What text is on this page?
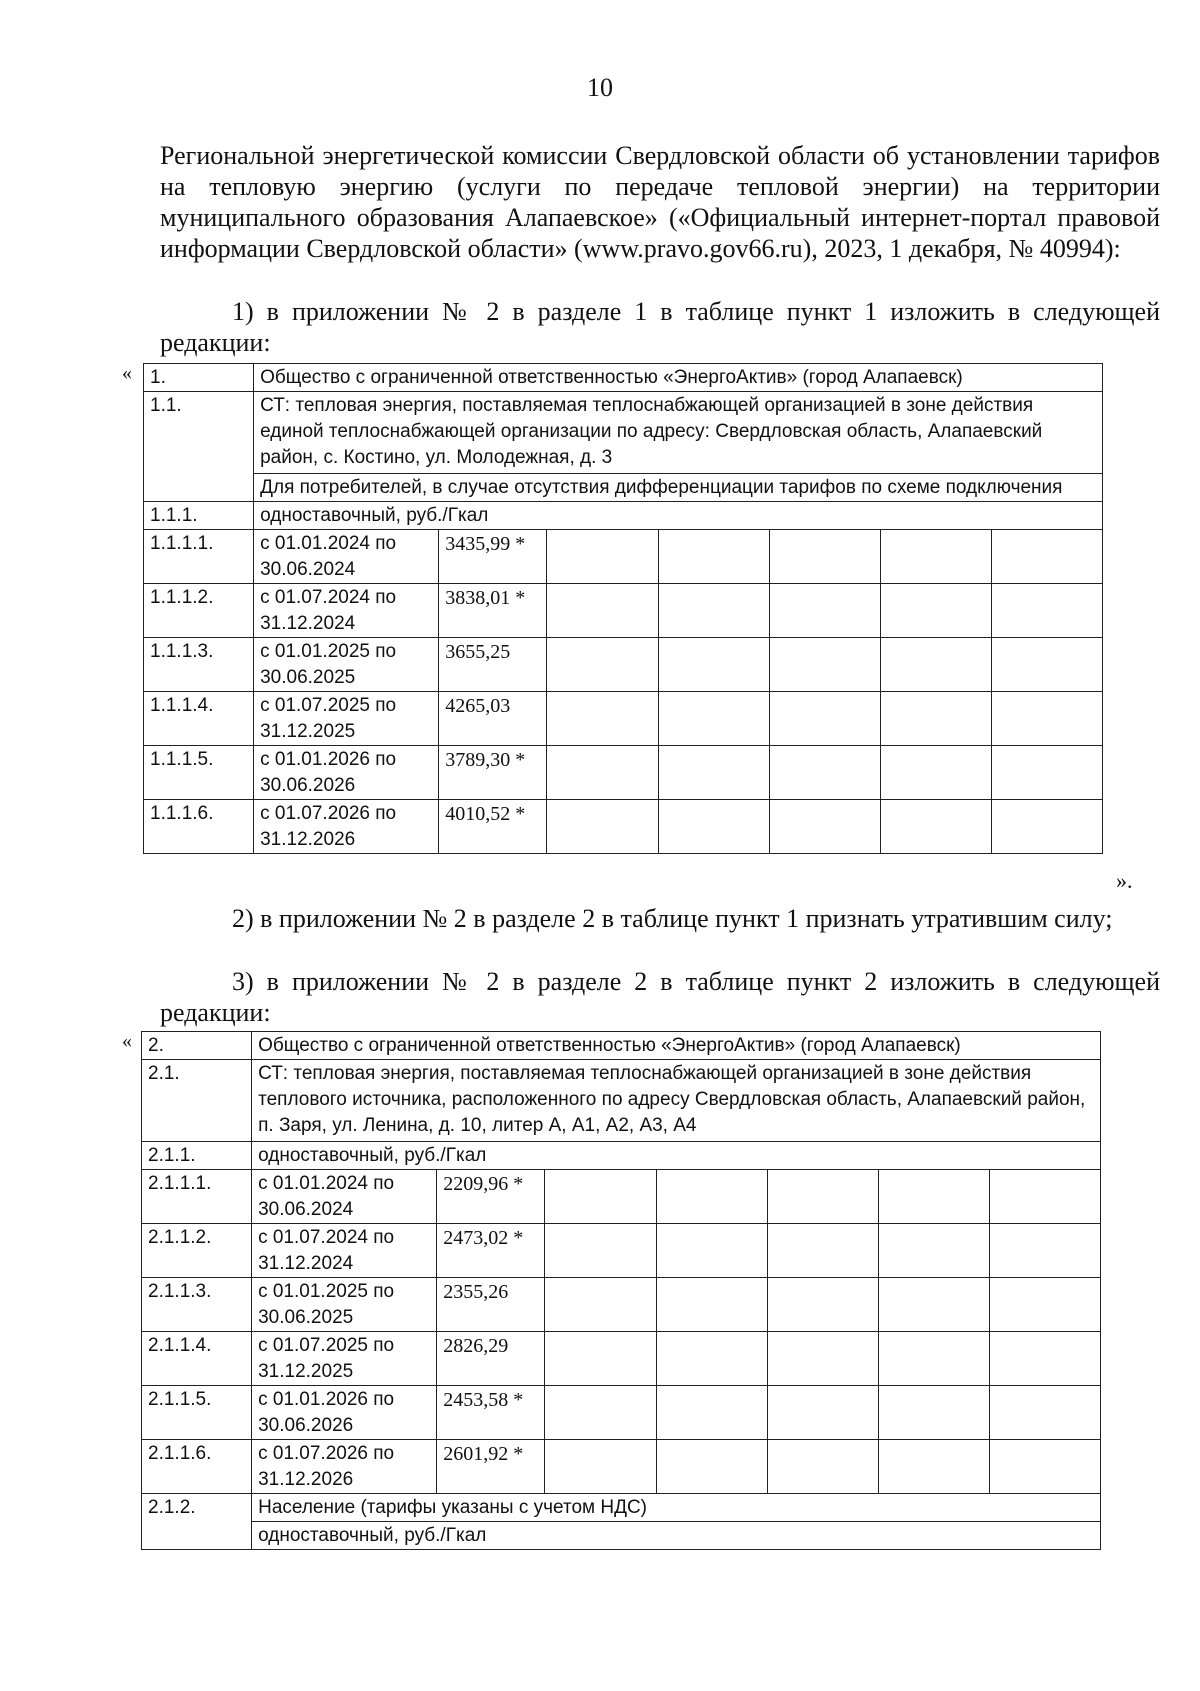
10
Региональной энергетической комиссии Свердловской области об установлении тарифов на тепловую энергию (услуги по передаче тепловой энергии) на территории муниципального образования Алапаевское» («Официальный интернет-портал правовой информации Свердловской области» (www.pravo.gov66.ru), 2023, 1 декабря, № 40994):
1) в приложении № 2 в разделе 1 в таблице пункт 1 изложить в следующей редакции:
« 1.	Общество с ограниченной ответственностью «ЭнергоАктив» (город Алапаевск)						
1.1.	СТ: тепловая энергия, поставляемая теплоснабжающей организацией в зоне действия единой теплоснабжающей организации по адресу: Свердловская область, Алапаевский район, с. Костино, ул. Молодежная, д. 3						
	Для потребителей, в случае отсутствия дифференциации тарифов по схеме подключения						
1.1.1.	одноставочный, руб./Гкал						
1.1.1.1.	с 01.01.2024 по 30.06.2024	3435,99 *					
1.1.1.2.	с 01.07.2024 по 31.12.2024	3838,01 *					
1.1.1.3.	с 01.01.2025 по 30.06.2025	3655,25					
1.1.1.4.	с 01.07.2025 по 31.12.2025	4265,03					
1.1.1.5.	с 01.01.2026 по 30.06.2026	3789,30 *					
1.1.1.6.	с 01.07.2026 по 31.12.2026	4010,52 *					
».
2) в приложении № 2 в разделе 2 в таблице пункт 1 признать утратившим силу;
3) в приложении № 2 в разделе 2 в таблице пункт 2 изложить в следующей редакции:
« 2.	Общество с ограниченной ответственностью «ЭнергоАктив» (город Алапаевск)						
2.1.	СТ: тепловая энергия, поставляемая теплоснабжающей организацией в зоне действия теплового источника, расположенного по адресу Свердловская область, Алапаевский район, п. Заря, ул. Ленина, д. 10, литер А, А1, А2, А3, А4						
2.1.1.	одноставочный, руб./Гкал						
2.1.1.1.	с 01.01.2024 по 30.06.2024	2209,96 *					
2.1.1.2.	с 01.07.2024 по 31.12.2024	2473,02 *					
2.1.1.3.	с 01.01.2025 по 30.06.2025	2355,26					
2.1.1.4.	с 01.07.2025 по 31.12.2025	2826,29					
2.1.1.5.	с 01.01.2026 по 30.06.2026	2453,58 *					
2.1.1.6.	с 01.07.2026 по 31.12.2026	2601,92 *					
2.1.2.	Население (тарифы указаны с учетом НДС)						
	одноставочный, руб./Гкал						
